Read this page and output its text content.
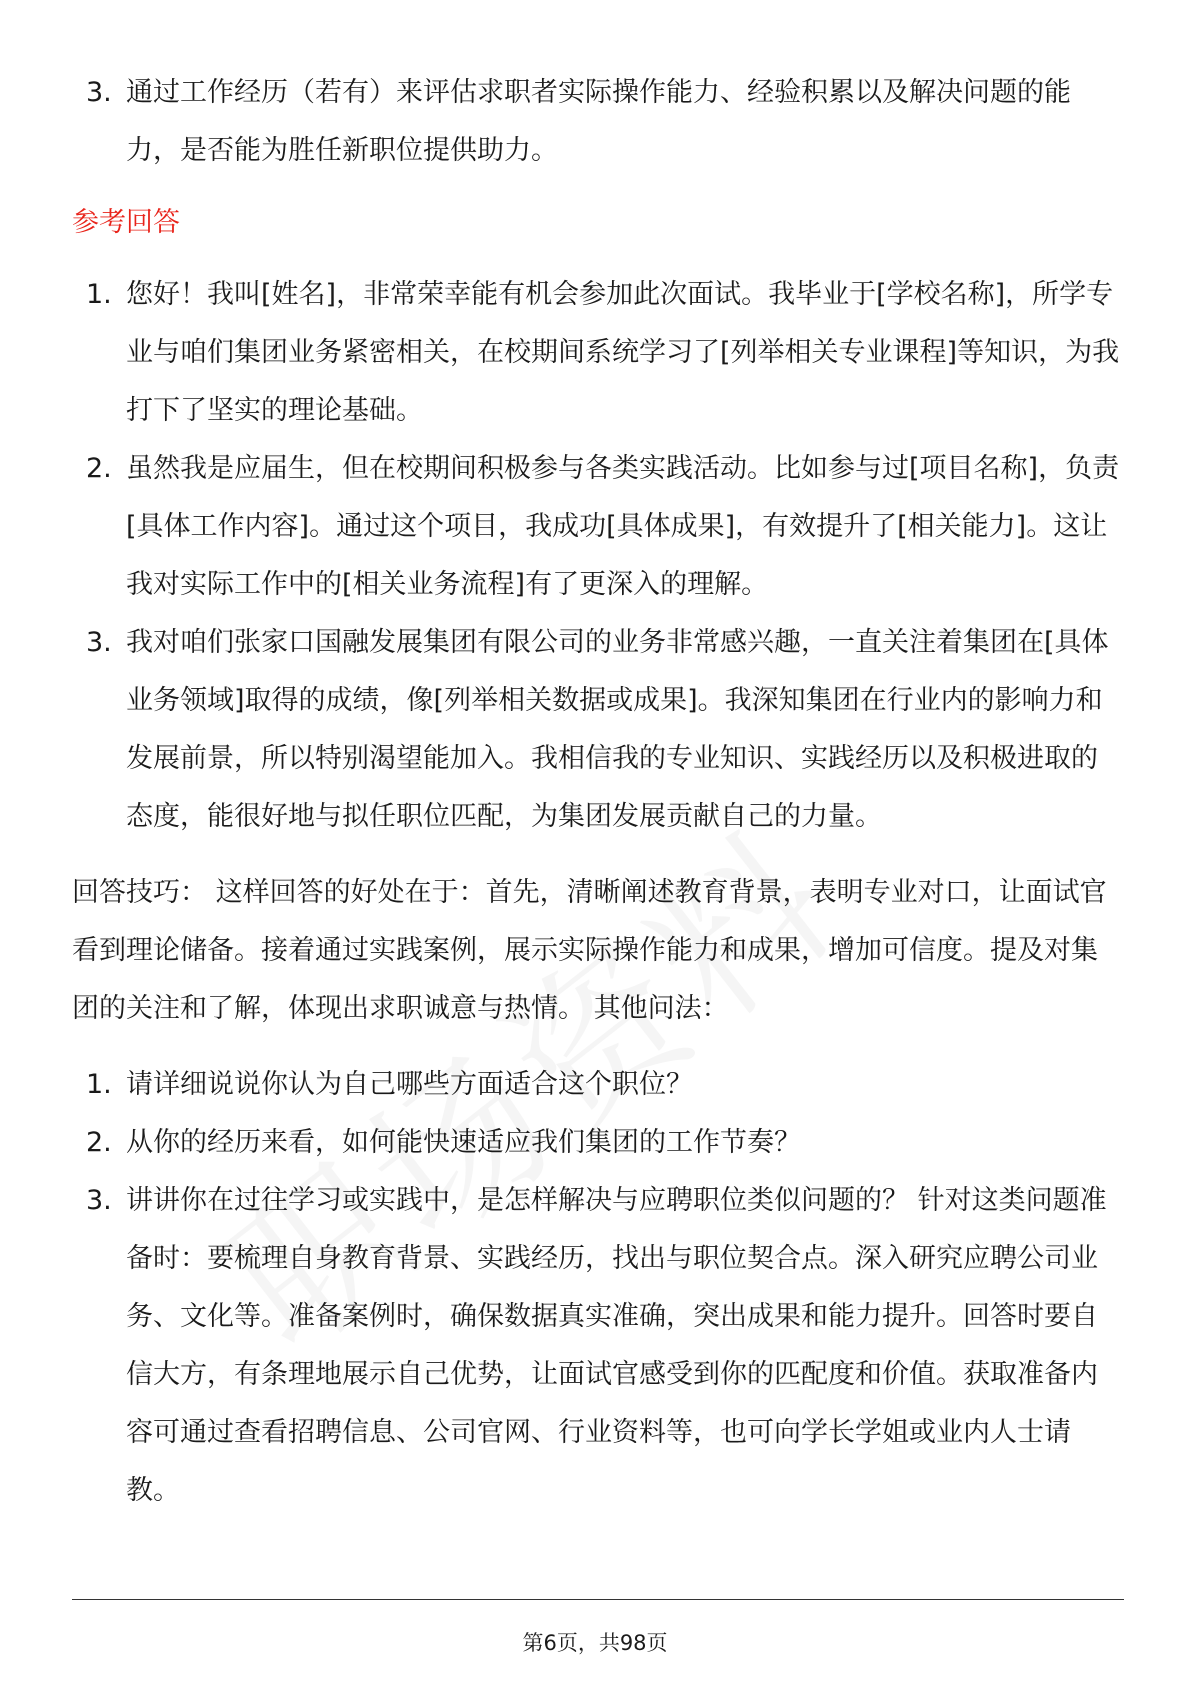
3. 通过工作经历（若有）来评估求职者实际操作能力、经验积累以及解决问题的能力，是否能为胜任新职位提供助力。
参考回答
1. 您好！我叫[姓名]，非常荣幸能有机会参加此次面试。我毕业于[学校名称]，所学专业与咱们集团业务紧密相关，在校期间系统学习了[列举相关专业课程]等知识，为我打下了坚实的理论基础。
2. 虽然我是应届生，但在校期间积极参与各类实践活动。比如参与过[项目名称]，负责[具体工作内容]。通过这个项目，我成功[具体成果]，有效提升了[相关能力]。这让我对实际工作中的[相关业务流程]有了更深入的理解。
3. 我对咱们张家口国融发展集团有限公司的业务非常感兴趣，一直关注着集团在[具体业务领域]取得的成绩，像[列举相关数据或成果]。我深知集团在行业内的影响力和发展前景，所以特别渴望能加入。我相信我的专业知识、实践经历以及积极进取的态度，能很好地与拟任职位匹配，为集团发展贡献自己的力量。

回答技巧： 这样回答的好处在于：首先，清晰阐述教育背景，表明专业对口，让面试官看到理论储备。接着通过实践案例，展示实际操作能力和成果，增加可信度。提及对集团的关注和了解，体现出求职诚意与热情。 其他问法：

1. 请详细说说你认为自己哪些方面适合这个职位？
2. 从你的经历来看，如何能快速适应我们集团的工作节奏？
3. 讲讲你在过往学习或实践中，是怎样解决与应聘职位类似问题的？ 针对这类问题准备时：要梳理自身教育背景、实践经历，找出与职位契合点。深入研究应聘公司业务、文化等。准备案例时，确保数据真实准确，突出成果和能力提升。回答时要自信大方，有条理地展示自己优势，让面试官感受到你的匹配度和价值。获取准备内容可通过查看招聘信息、公司官网、行业资料等，也可向学长学姐或业内人士请教。
第6页，共98页
